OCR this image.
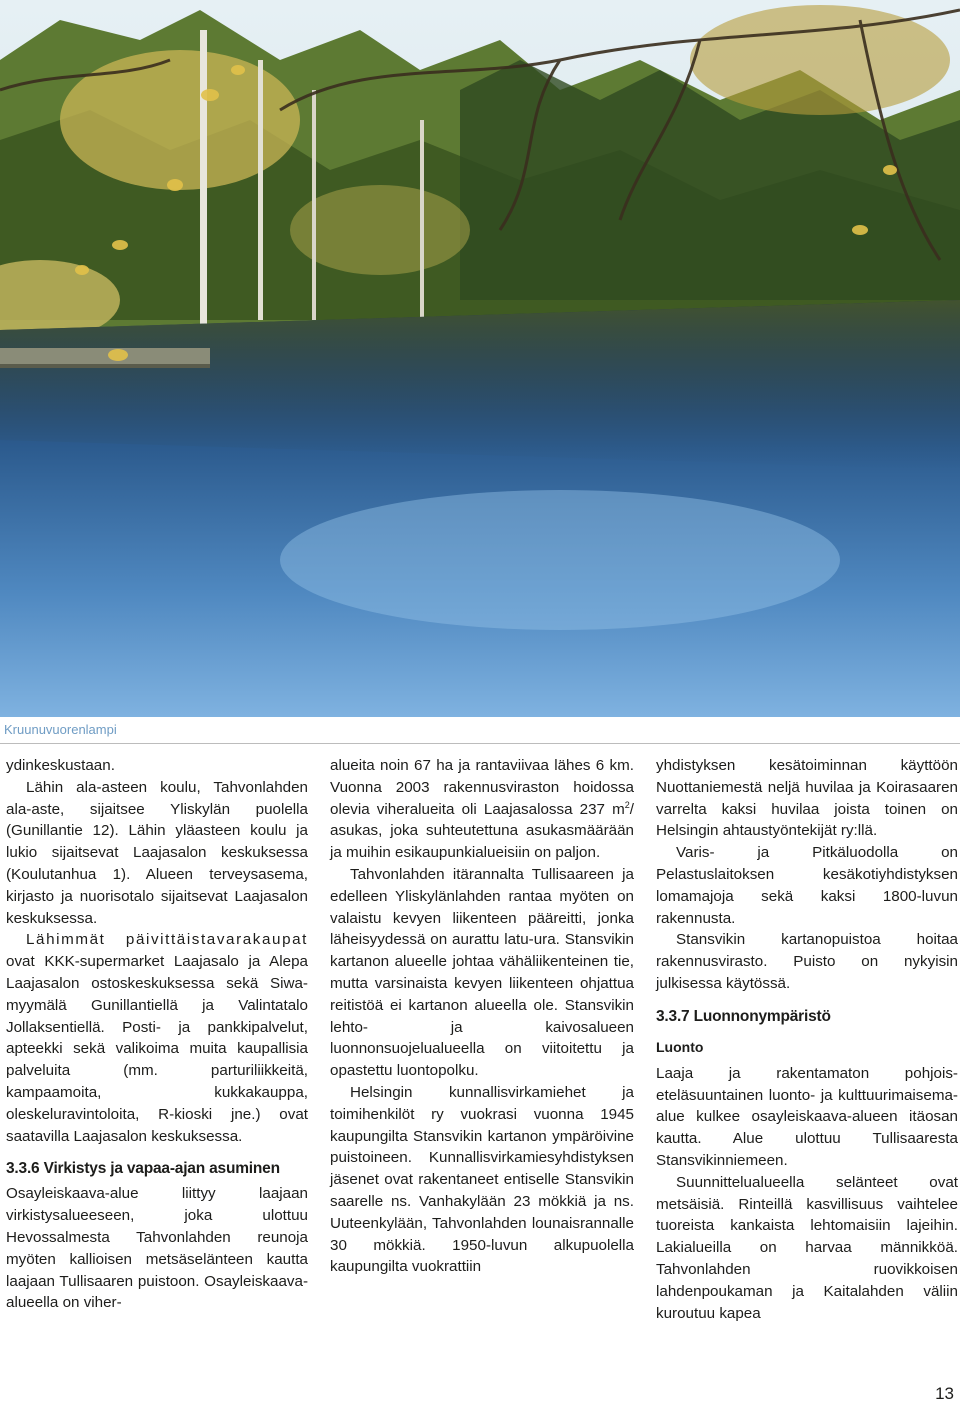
Kruunuvuorenlampi

ydinkeskustaan.

Lähin ala-asteen koulu, Tahvonlahden ala-aste, sijaitsee Yliskylän puolella (Gunillantie 12). Lähin yläasteen koulu ja lukio sijaitsevat Laajasalon keskuksessa (Koulutanhua 1). Alueen terveysasema, kirjasto ja nuorisotalo sijaitsevat Laajasalon keskuksessa.

Lähimmät päivittäistavarakaupat ovat KKK-supermarket Laajasalo ja Alepa Laajasalon ostoskeskuksessa sekä Siwa-myymälä Gunillantiellä ja Valintatalo Jollaksentiellä. Posti- ja pankkipalvelut, apteekki sekä valikoima muita kaupallisia palveluita (mm. parturiliikkeitä, kampaamoita, kukkakauppa, oleskeluravintoloita, R-kioski jne.) ovat saatavilla Laajasalon keskuksessa.

3.3.6 Virkistys ja vapaa-ajan asuminen

Osayleiskaava-alue liittyy laajaan virkistysalueeseen, joka ulottuu Hevossalmesta Tahvonlahden reunoja myöten kallioisen metsäselänteen kautta laajaan Tullisaaren puistoon. Osayleiskaava-alueella on viher-

alueita noin 67 ha ja rantaviivaa lähes 6 km. Vuonna 2003 rakennusviraston hoidossa olevia viheralueita oli Laajasalossa 237 $m^2/$ asukas, joka suhteutettuna asukasmäärään ja muihin esikaupunkialueisiin on paljon.

Tahvonlahden itärannalta Tullisaareen ja edelleen Yliskylänlahden rantaa myöten on valaistu kevyen liikenteen pääreitti, jonka läheisyydessä on aurattu latu-ura. Stansvikin kartanon alueelle johtaa vähäliikenteinen tie, mutta varsinaista kevyen liikenteen ohjattua reitistöä ei kartanon alueella ole. Stansvikin lehto- ja kaivosalueen luonnonsuojelualueella on viitoitettu ja opastettu luontopolku.

Helsingin kunnallisvirkamiehet ja toimihenkilöt ry vuokrasi vuonna 1945 kaupungilta Stansvikin kartanon ympäröivine puistoineen. Kunnallisvirkamiesyhdistyksen jäsenet ovat rakentaneet entiselle Stansvikin saarelle ns. Vanhakylään 23 mökkiä ja ns. Uuteenkylään, Tahvonlahden lounaisrannalle 30 mökkiä. 1950-luvun alkupuolella kaupungilta vuokrattiin

yhdistyksen kesätoiminnan käyttöön Nuottaniemestä neljä huvilaa ja Koirasaaren varrelta kaksi huvilaa joista toinen on Helsingin ahtaustyöntekijät ry:llä.

Varis- ja Pitkäluodolla on Pelastuslaitoksen kesäkotiyhdistyksen lomamajoja sekä kaksi 1800-luvun rakennusta.

Stansvikin kartanopuistoa hoitaa rakennusvirasto. Puisto on nykyisin julkisessa käytössä.

3.3.7 Luonnonympäristö
Luonto

Laaja ja rakentamaton pohjois-eteläsuuntainen luonto- ja kulttuurimaisema-alue kulkee osayleiskaava-alueen itäosan kautta. Alue ulottuu Tullisaaresta Stansvikinniemeen.

Suunnittelualueella selänteet ovat metsäisiä. Rinteillä kasvillisuus vaihtelee tuoreista kankaista lehtomaisiin lajeihin. Lakialueilla on harvaa männikköä. Tahvonlahden ruovikkoisen lahdenpoukaman ja Kaitalahden väliin kuroutuu kapea

13
